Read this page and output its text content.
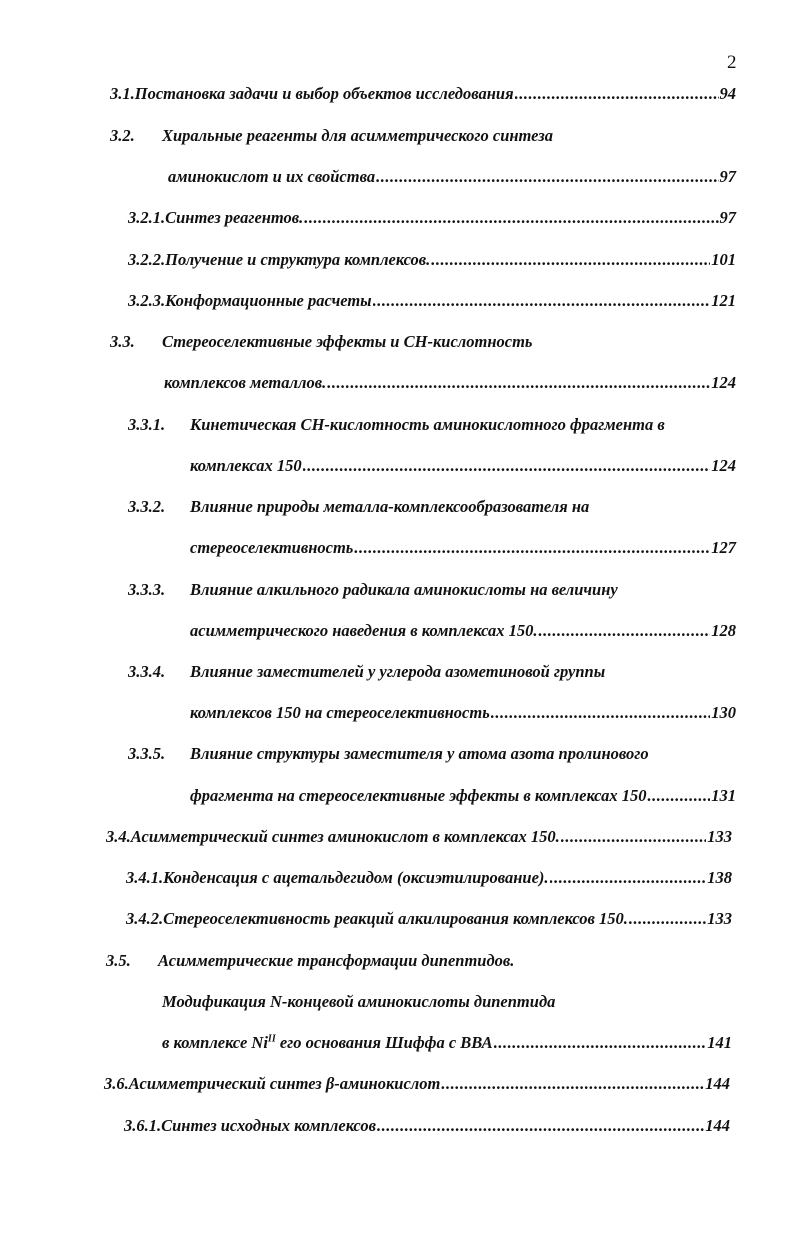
2
3.1. Постановка задачи и выбор объектов исследования .....	94
3.2.	Хиральные реагенты для асимметрического синтеза
аминокислот и их свойства .....	97
3.2.1. Синтез реагентов. .....	97
3.2.2. Получение и структура комплексов. .....	101
3.2.3. Конформационные расчеты .....	121
3.3.	Стереоселективные эффекты и СН-кислотность
комплексов металлов. .....	124
3.3.1.	Кинетическая СН-кислотность аминокислотного фрагмента в
комплексах 150 .....	124
3.3.2.	Влияние природы металла-комплексообразователя на
стереоселективность .....	127
3.3.3.	Влияние алкильного радикала аминокислоты на величину
асимметрического наведения в комплексах 150. .....	128
3.3.4.	Влияние заместителей у углерода азометиновой группы
комплексов 150 на стереоселективность .....	130
3.3.5.	Влияние структуры заместителя у атома азота пролинового
фрагмента на стереоселективные эффекты в комплексах 150 .....	131
3.4. Асимметрический синтез аминокислот в комплексах 150. .....	133
3.4.1. Конденсация с ацетальдегидом (оксиэтилирование). .....	138
3.4.2. Стереоселективность реакций алкилирования комплексов 150. .....	133
3.5.	Асимметрические трансформации дипептидов.
Модификация N-концевой аминокислоты дипептида
в комплексе $Ni^{II}$ его основания Шиффа с ВВА .....	141
3.6. Асимметрический синтез β-аминокислот .....	144
3.6.1. Синтез исходных комплексов .....	144
